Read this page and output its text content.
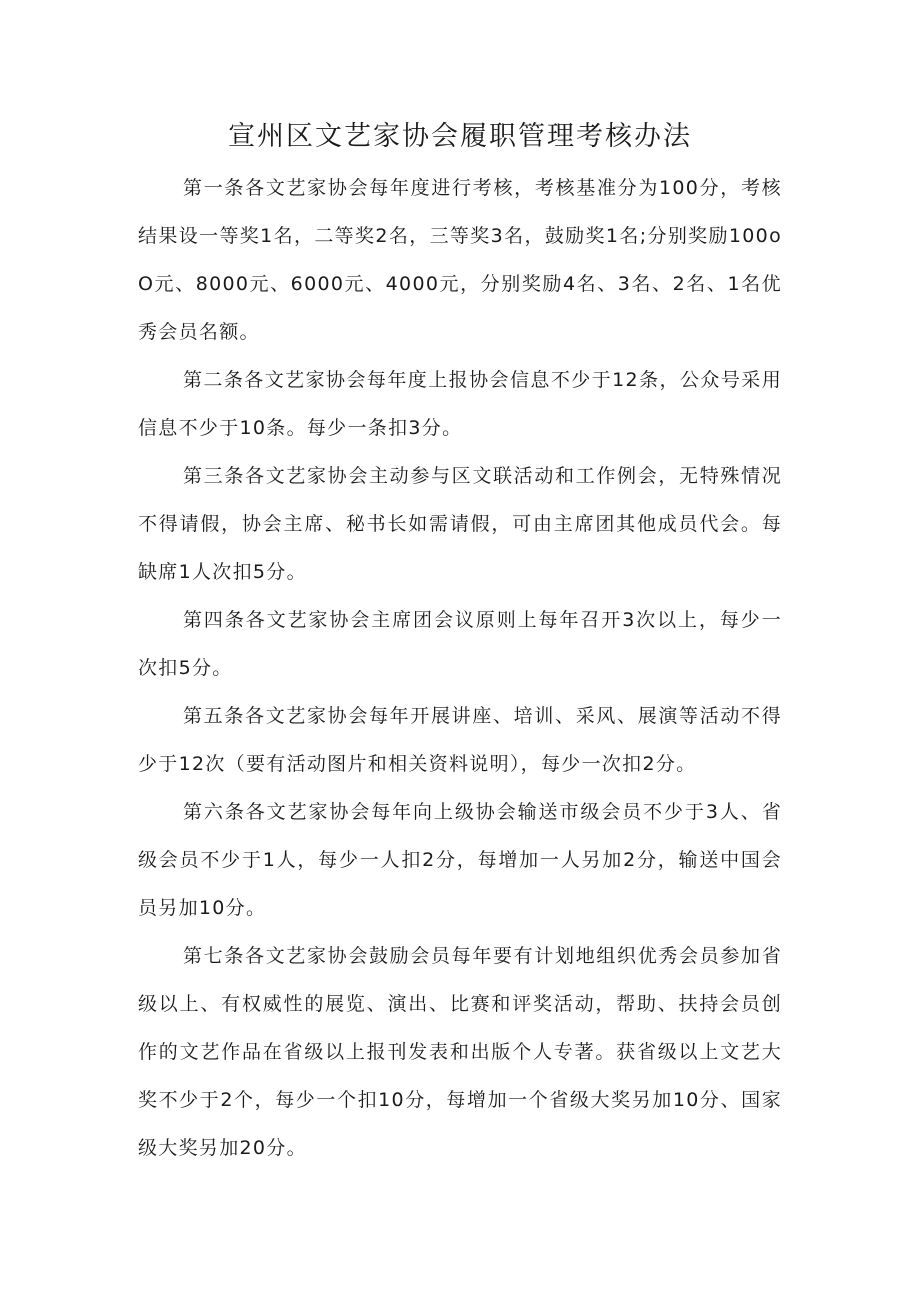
宣州区文艺家协会履职管理考核办法

第一条各文艺家协会每年度进行考核，考核基准分为100分，考核结果设一等奖1名，二等奖2名，三等奖3名，鼓励奖1名;分别奖励100oO元、8000元、6000元、4000元，分别奖励4名、3名、2名、1名优秀会员名额。

第二条各文艺家协会每年度上报协会信息不少于12条，公众号采用信息不少于10条。每少一条扣3分。

第三条各文艺家协会主动参与区文联活动和工作例会，无特殊情况不得请假，协会主席、秘书长如需请假，可由主席团其他成员代会。每缺席1人次扣5分。

第四条各文艺家协会主席团会议原则上每年召开3次以上，每少一次扣5分。

第五条各文艺家协会每年开展讲座、培训、采风、展演等活动不得少于12次（要有活动图片和相关资料说明），每少一次扣2分。

第六条各文艺家协会每年向上级协会输送市级会员不少于3人、省级会员不少于1人，每少一人扣2分，每增加一人另加2分，输送中国会员另加10分。

第七条各文艺家协会鼓励会员每年要有计划地组织优秀会员参加省级以上、有权威性的展览、演出、比赛和评奖活动，帮助、扶持会员创作的文艺作品在省级以上报刊发表和出版个人专著。获省级以上文艺大奖不少于2个，每少一个扣10分，每增加一个省级大奖另加10分、国家级大奖另加20分。
